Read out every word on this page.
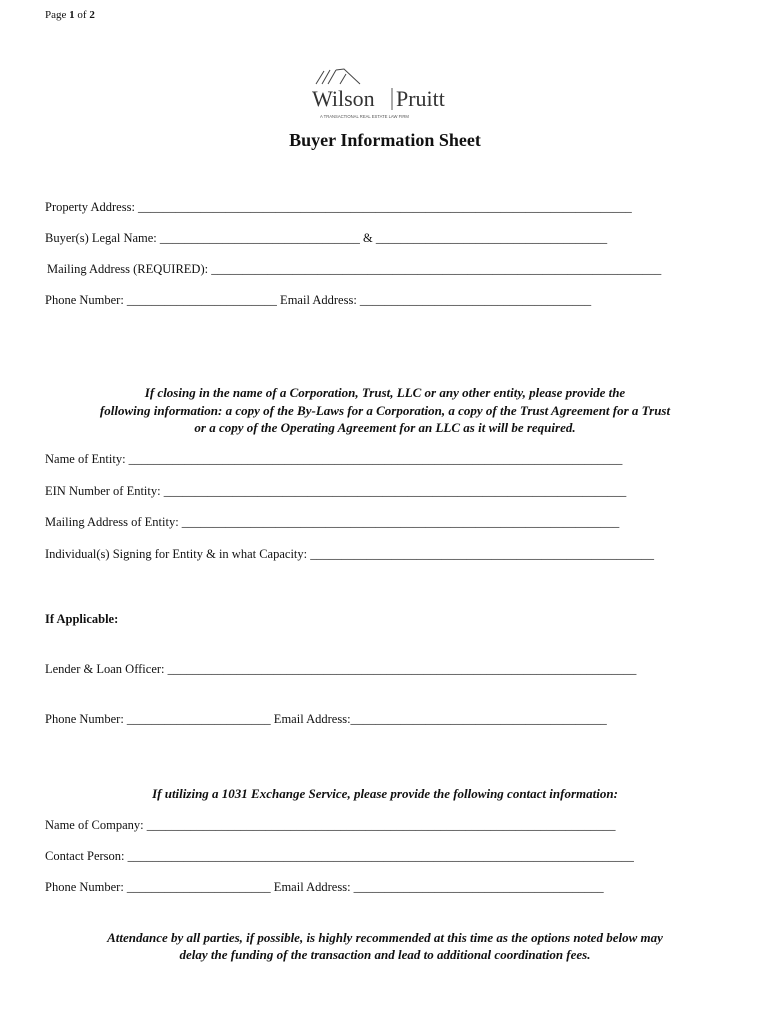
Page 1 of 2
Wilson Pruitt
A TRANSACTIONAL REAL ESTATE LAW FIRM
Buyer Information Sheet
Property Address: _______________________________________________________________________________
Buyer(s) Legal Name: ________________________________ & _____________________________________
Mailing Address (REQUIRED): ________________________________________________________________________
Phone Number: ________________________ Email Address: _____________________________________
If closing in the name of a Corporation, Trust, LLC or any other entity, please provide the
following information: a copy of the By-Laws for a Corporation, a copy of the Trust Agreement for a Trust
or a copy of the Operating Agreement for an LLC as it will be required.
Name of Entity: _______________________________________________________________________________
EIN Number of Entity: __________________________________________________________________________
Mailing Address of Entity: ______________________________________________________________________
Individual(s) Signing for Entity & in what Capacity: _______________________________________________________
If Applicable:
Lender & Loan Officer: ___________________________________________________________________________
Phone Number: _______________________ Email Address:_________________________________________
If utilizing a 1031 Exchange Service, please provide the following contact information:
Name of Company: ___________________________________________________________________________
Contact Person: _________________________________________________________________________________
Phone Number: _______________________ Email Address: ________________________________________
Attendance by all parties, if possible, is highly recommended at this time as the options noted below may
delay the funding of the transaction and lead to additional coordination fees.
